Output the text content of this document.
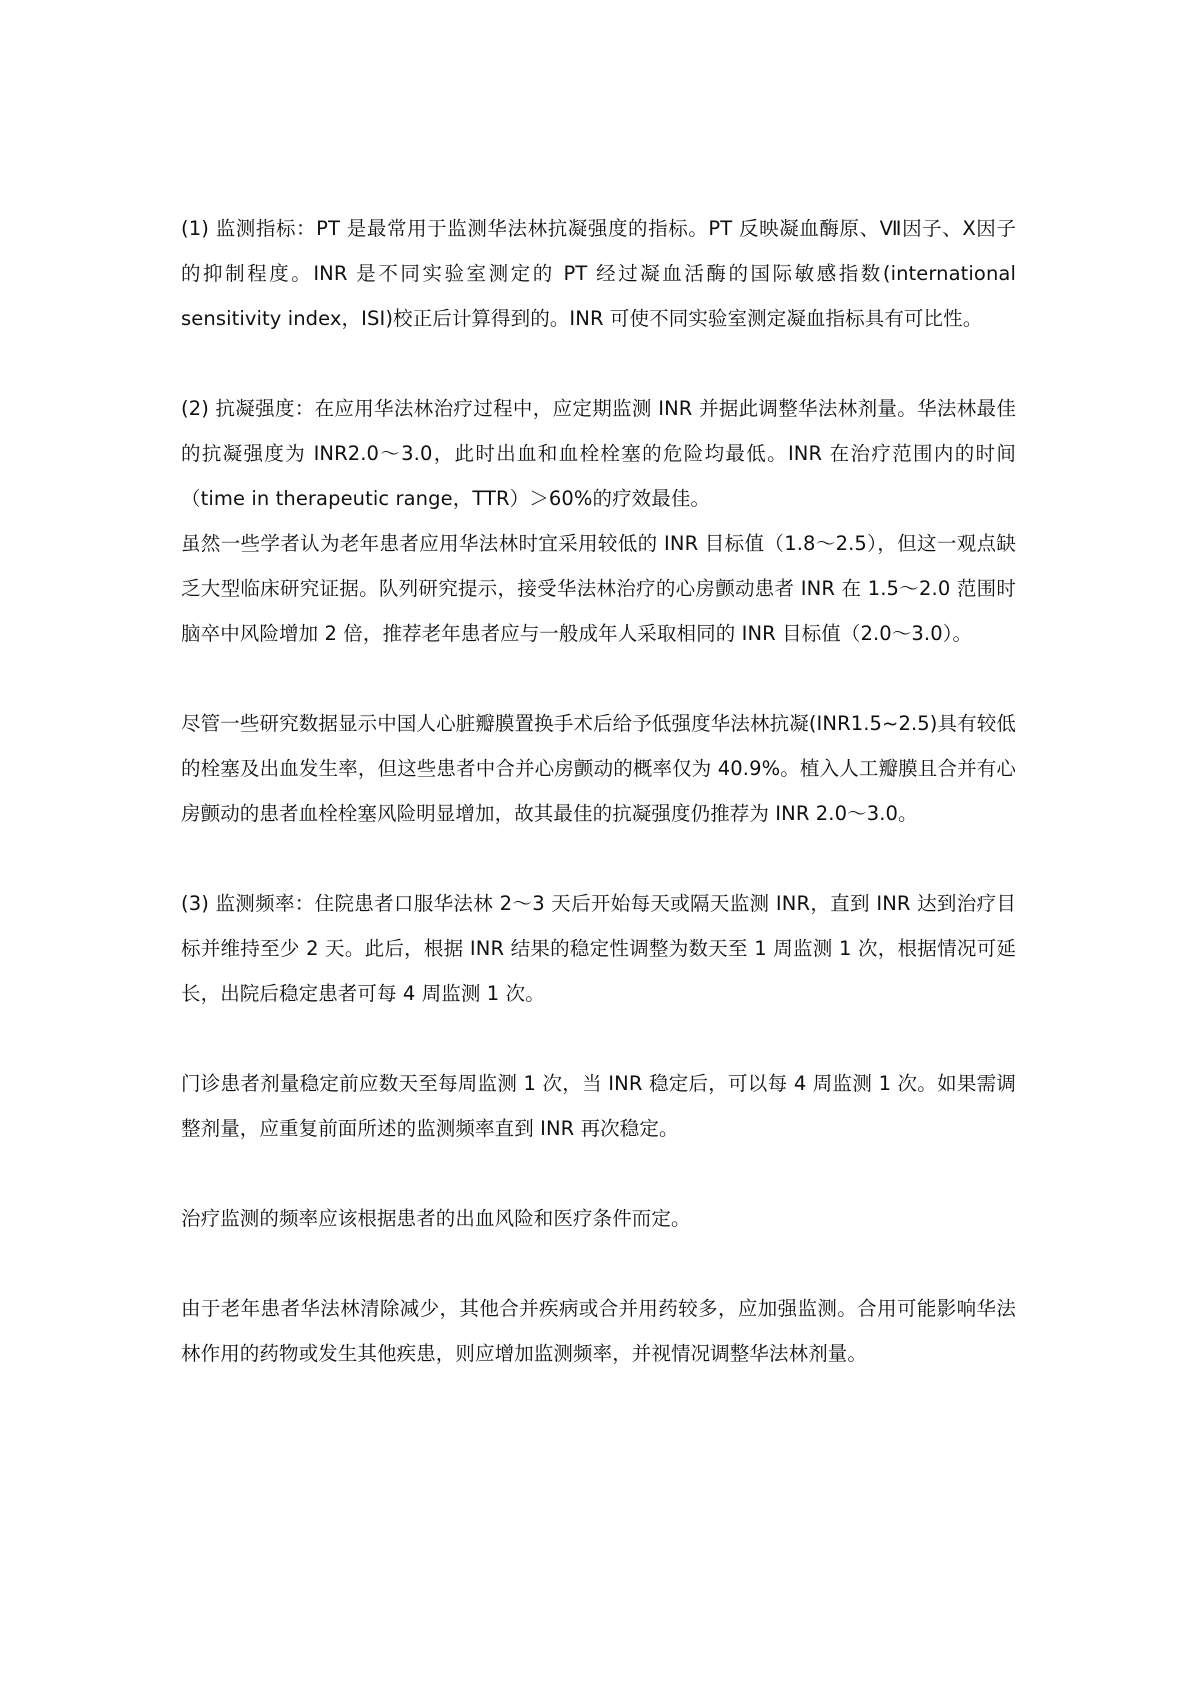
(1) 监测指标：PT 是最常用于监测华法林抗凝强度的指标。PT 反映凝血酶原、Ⅶ因子、Ⅹ因子的抑制程度。INR 是不同实验室测定的 PT 经过凝血活酶的国际敏感指数(international sensitivity index，ISI)校正后计算得到的。INR 可使不同实验室测定凝血指标具有可比性。

(2) 抗凝强度：在应用华法林治疗过程中，应定期监测 INR 并据此调整华法林剂量。华法林最佳的抗凝强度为 INR2.0～3.0，此时出血和血栓栓塞的危险均最低。INR 在治疗范围内的时间（time in therapeutic range，TTR）＞60%的疗效最佳。

虽然一些学者认为老年患者应用华法林时宜采用较低的 INR 目标值（1.8～2.5），但这一观点缺乏大型临床研究证据。队列研究提示，接受华法林治疗的心房颤动患者 INR 在 1.5～2.0 范围时脑卒中风险增加 2 倍，推荐老年患者应与一般成年人采取相同的 INR 目标值（2.0～3.0）。

尽管一些研究数据显示中国人心脏瓣膜置换手术后给予低强度华法林抗凝(INR1.5~2.5)具有较低的栓塞及出血发生率，但这些患者中合并心房颤动的概率仅为 40.9%。植入人工瓣膜且合并有心房颤动的患者血栓栓塞风险明显增加，故其最佳的抗凝强度仍推荐为 INR 2.0～3.0。

(3) 监测频率：住院患者口服华法林 2～3 天后开始每天或隔天监测 INR，直到 INR 达到治疗目标并维持至少 2 天。此后，根据 INR 结果的稳定性调整为数天至 1 周监测 1 次，根据情况可延长，出院后稳定患者可每 4 周监测 1 次。

门诊患者剂量稳定前应数天至每周监测 1 次，当 INR 稳定后，可以每 4 周监测 1 次。如果需调整剂量，应重复前面所述的监测频率直到 INR 再次稳定。

治疗监测的频率应该根据患者的出血风险和医疗条件而定。

由于老年患者华法林清除减少，其他合并疾病或合并用药较多，应加强监测。合用可能影响华法林作用的药物或发生其他疾患，则应增加监测频率，并视情况调整华法林剂量。
